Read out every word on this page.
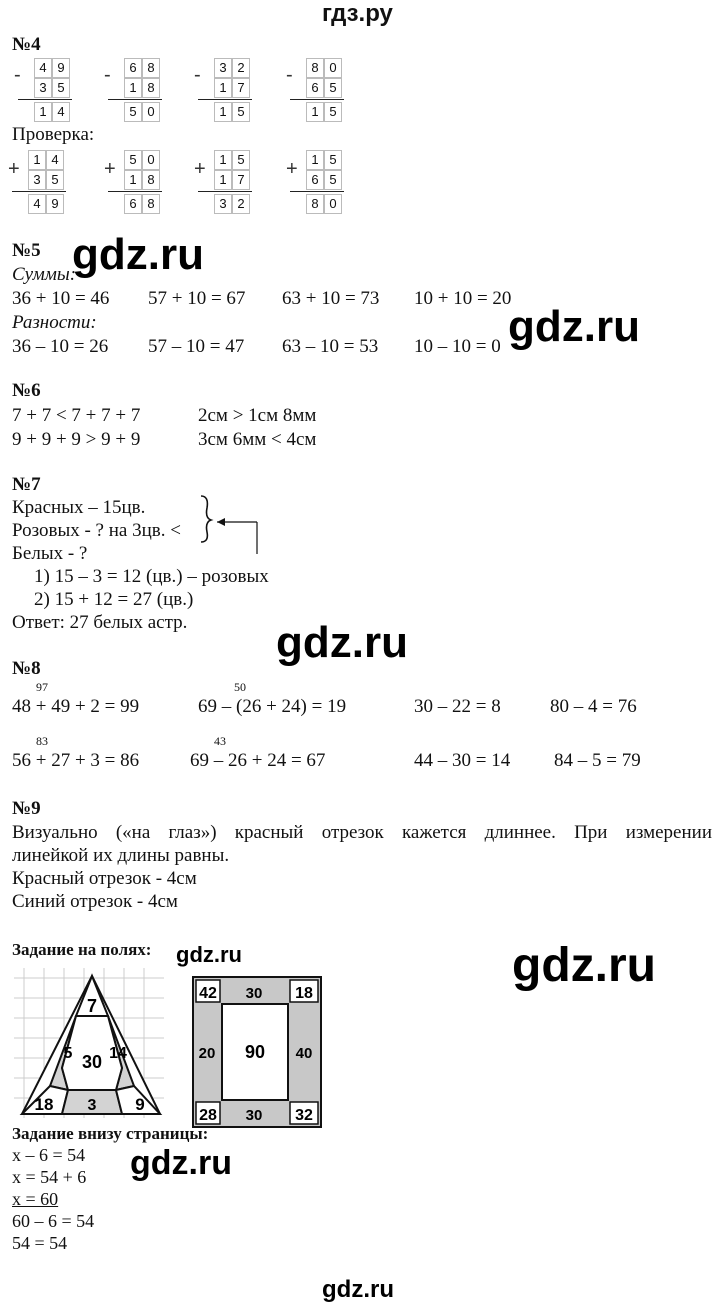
гдз.ру
№4
-	4 9
3 5
1 4
-	6 8
1 8
5 0
-	3 2
1 7
1 5
-	8 0
6 5
1 5
Проверка:
+	1 4
3 5
4 9
+	5 0
1 8
6 8
+	1 5
1 7
3 2
+	1 5
6 5
8 0
№5
Суммы:
36 + 10 = 46 57 + 10 = 67 63 + 10 = 73 10 + 10 = 20
Разности:
36 – 10 = 26 57 – 10 = 47 63 – 10 = 53 10 – 10 = 0
№6
7 + 7 < 7 + 7 + 7	2см > 1см 8мм
9 + 9 + 9 > 9 + 9	3см 6мм < 4см
№7
Красных – 15цв.
Розовых - ? на 3цв. <
Белых - ?
1) 15 – 3 = 12 (цв.) – розовых
2) 15 + 12 = 27 (цв.)
Ответ: 27 белых астр.
№8
97
48 + 49 + 2 = 99
50
69 – (26 + 24) = 19	30 – 22 = 8	80 – 4 = 76
83
56 + 27 + 3 = 86
43
69 – 26 + 24 = 67	44 – 30 = 14 84 – 5 = 79
№9
Визуально («на глаз») красный отрезок кажется длиннее. При измерении
линейкой их длины равны.
Красный отрезок - 4см
Синий отрезок - 4см
Задание на полях:
7
5 30 14
18 3 9
42 30 18
20 90 40
28 30 32
Задание внизу страницы:
x – 6 = 54
x = 54 + 6
x = 60
60 – 6 = 54
54 = 54
gdz.ru
gdz.ru
gdz.ru
gdz.ru	gdz.ru
gdz.ru
gdz.ru
